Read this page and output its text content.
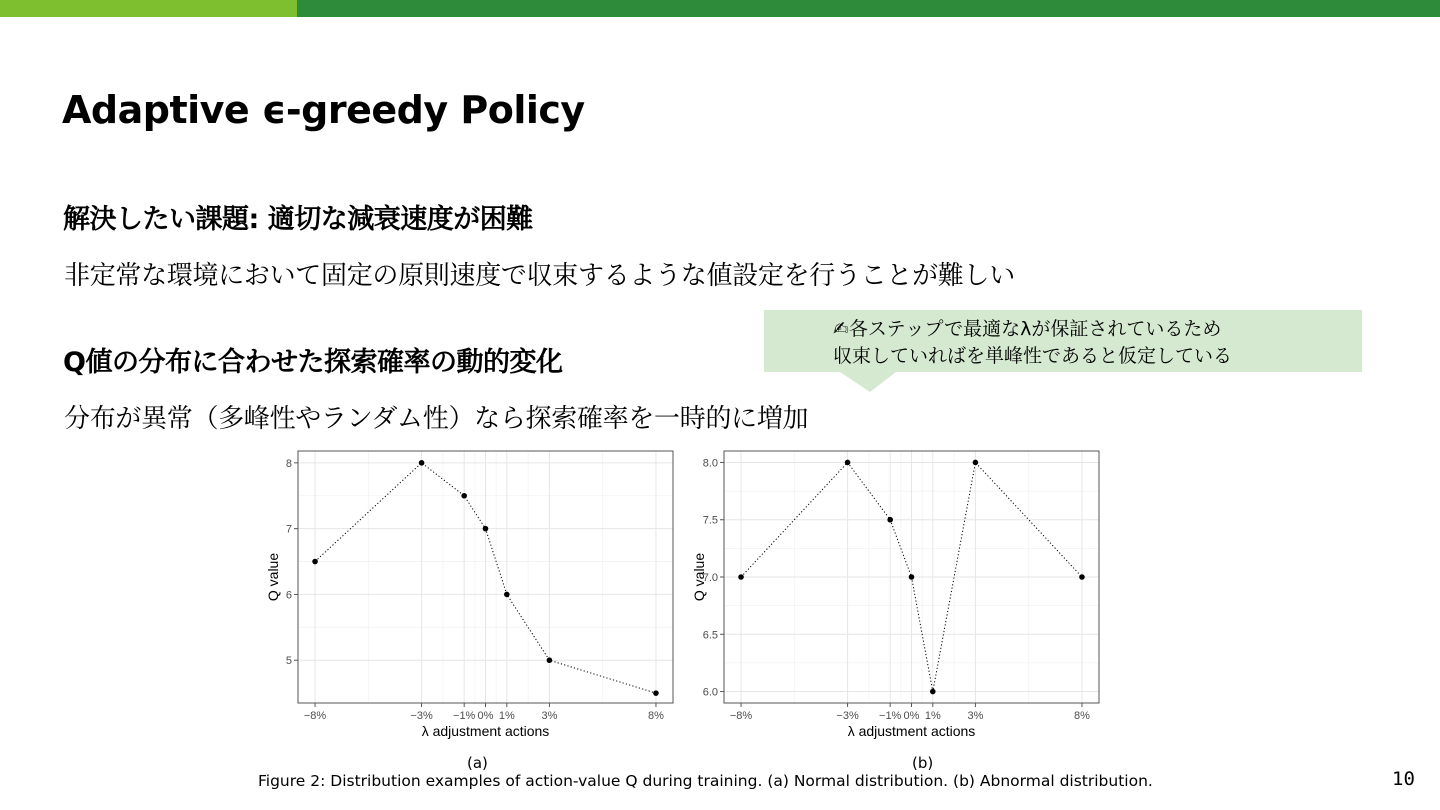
Adaptive ϵ-greedy Policy
解決したい課題: 適切な減衰速度が困難
非定常な環境において固定の原則速度で収束するような値設定を行うことが難しい
✍各ステップで最適なλが保証されているため
収束していればを単峰性であると仮定している
Q値の分布に合わせた探索確率の動的変化
分布が異常（多峰性やランダム性）なら探索確率を一時的に増加
5
6
7
8
−8%	−3% −1% 0% 1% 3%	8%
λ adjustment actions
Q value
(a)
6.0
6.5
7.0
7.5
8.0
−8%	−3% −1% 0% 1% 3%	8%
λ adjustment actions
Q value
(b)
Figure 2: Distribution examples of action-value Q during training. (a) Normal distribution. (b) Abnormal distribution.	10
